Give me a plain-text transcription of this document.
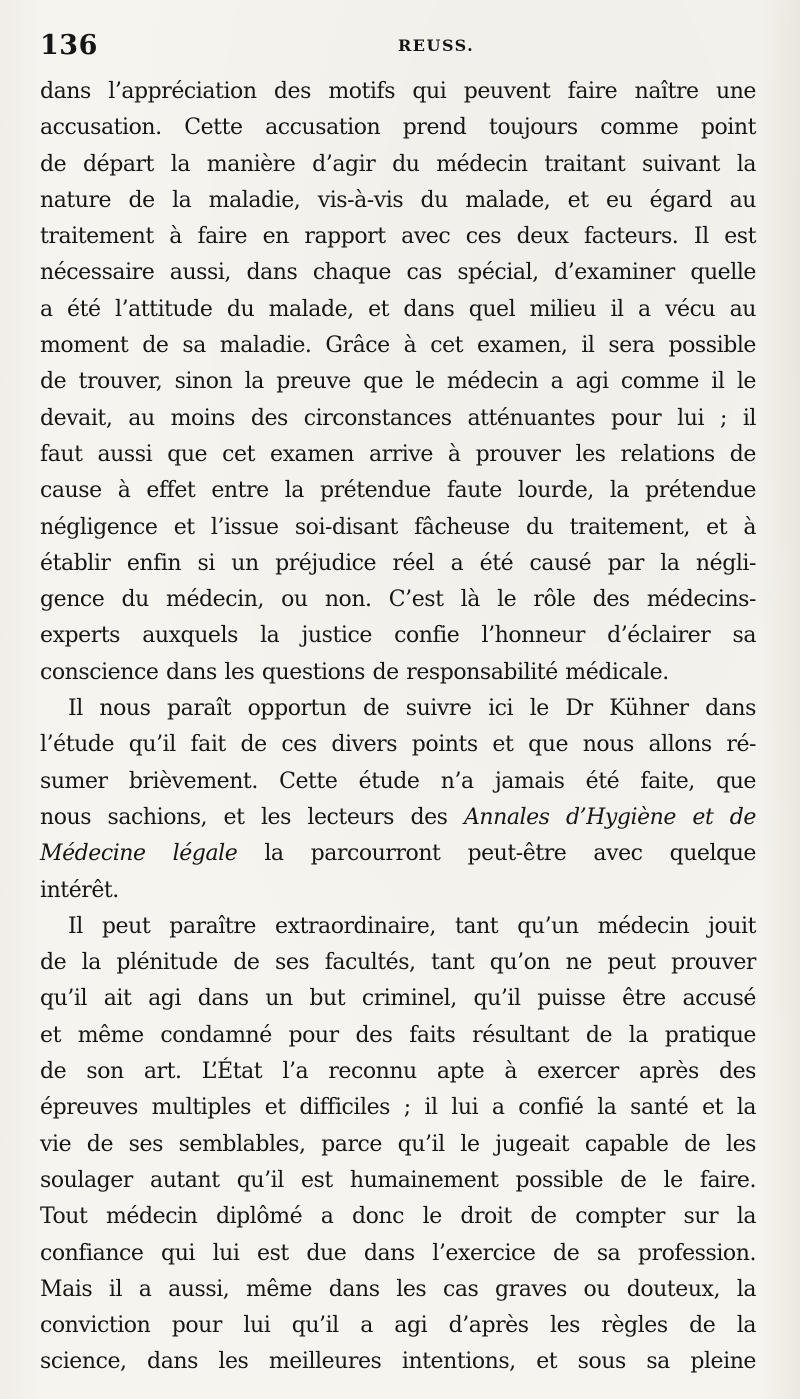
136	REUSS.
dans l’appréciation des motifs qui peuvent faire naître une
accusation. Cette accusation prend toujours comme point
de départ la manière d’agir du médecin traitant suivant la
nature de la maladie, vis-à-vis du malade, et eu égard au
traitement à faire en rapport avec ces deux facteurs. Il est
nécessaire aussi, dans chaque cas spécial, d’examiner quelle
a été l’attitude du malade, et dans quel milieu il a vécu au
moment de sa maladie. Grâce à cet examen, il sera possible
de trouver, sinon la preuve que le médecin a agi comme il le
devait, au moins des circonstances atténuantes pour lui ; il
faut aussi que cet examen arrive à prouver les relations de
cause à effet entre la prétendue faute lourde, la prétendue
négligence et l’issue soi-disant fâcheuse du traitement, et à
établir enfin si un préjudice réel a été causé par la négli-
gence du médecin, ou non. C’est là le rôle des médecins-
experts auxquels la justice confie l’honneur d’éclairer sa
conscience dans les questions de responsabilité médicale.
Il nous paraît opportun de suivre ici le Dr Kühner dans
l’étude qu’il fait de ces divers points et que nous allons ré-
sumer brièvement. Cette étude n’a jamais été faite, que
nous sachions, et les lecteurs des Annales d’Hygiène et de
Médecine légale la parcourront peut-être avec quelque
intérêt.
Il peut paraître extraordinaire, tant qu’un médecin jouit
de la plénitude de ses facultés, tant qu’on ne peut prouver
qu’il ait agi dans un but criminel, qu’il puisse être accusé
et même condamné pour des faits résultant de la pratique
de son art. L’État l’a reconnu apte à exercer après des
épreuves multiples et difficiles ; il lui a confié la santé et la
vie de ses semblables, parce qu’il le jugeait capable de les
soulager autant qu’il est humainement possible de le faire.
Tout médecin diplômé a donc le droit de compter sur la
confiance qui lui est due dans l’exercice de sa profession.
Mais il a aussi, même dans les cas graves ou douteux, la
conviction pour lui qu’il a agi d’après les règles de la
science, dans les meilleures intentions, et sous sa pleine
